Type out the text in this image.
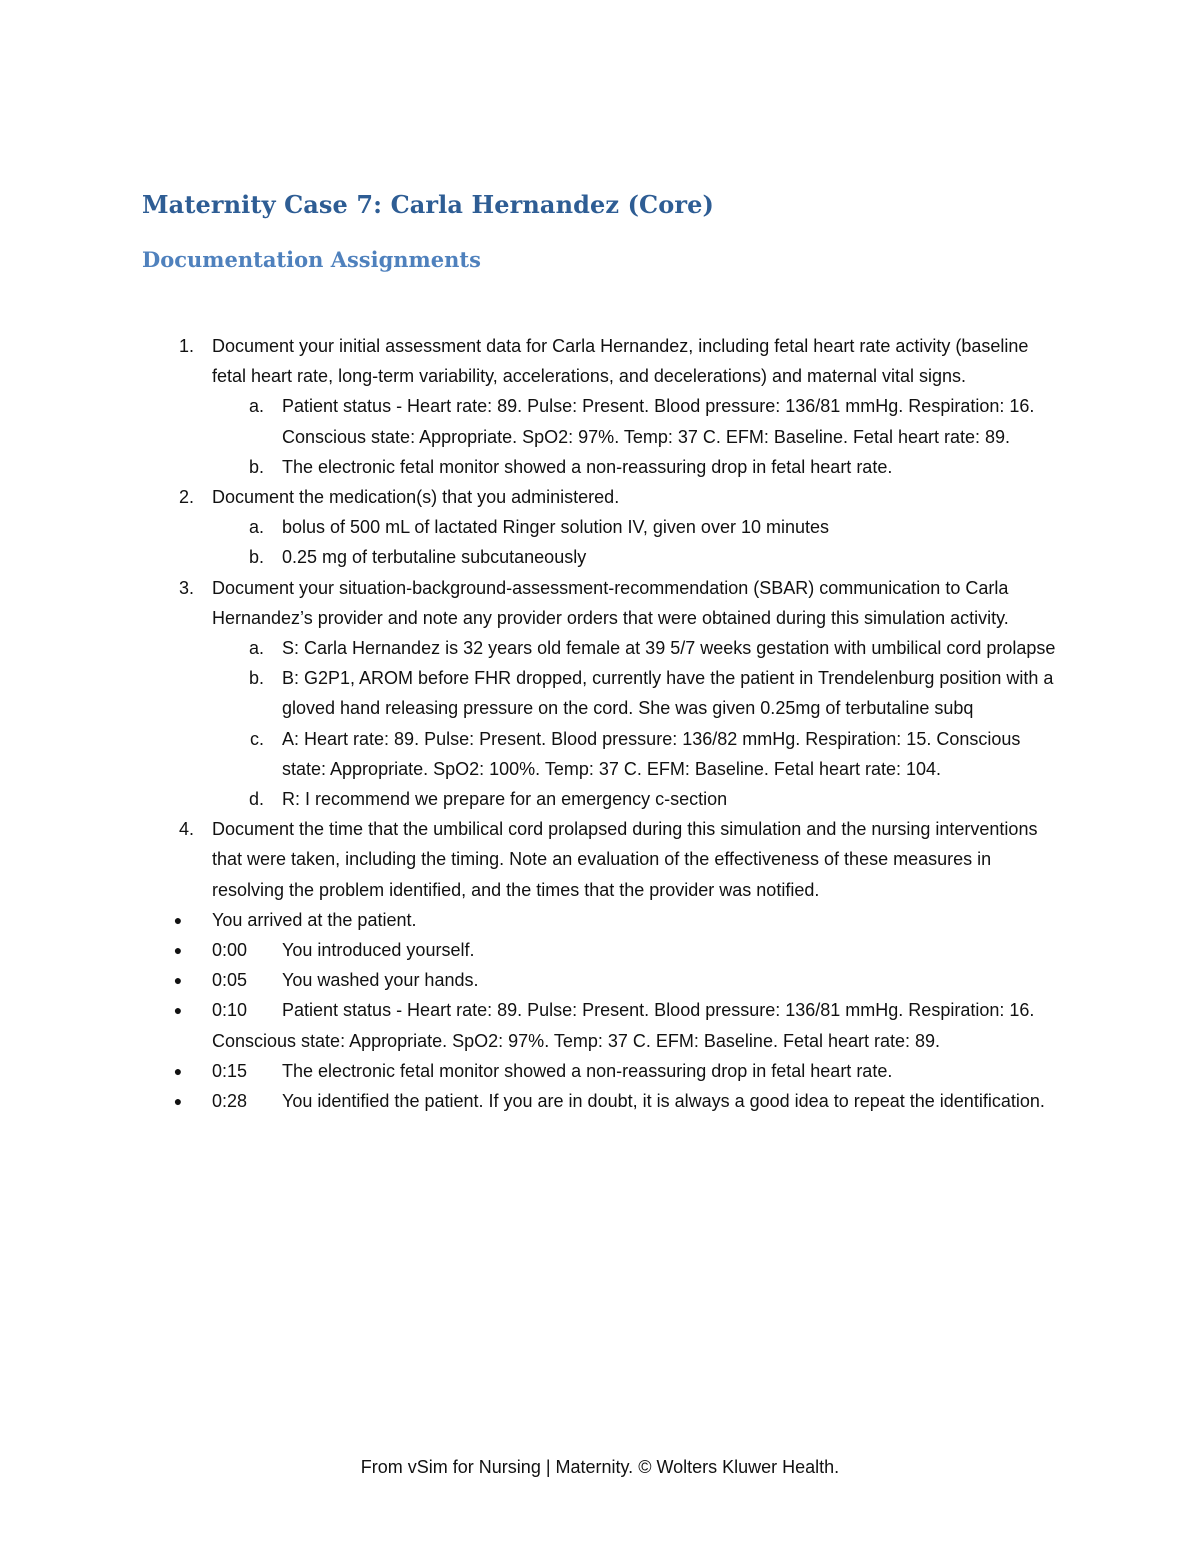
Maternity Case 7: Carla Hernandez (Core)
Documentation Assignments
1. Document your initial assessment data for Carla Hernandez, including fetal heart rate activity (baseline fetal heart rate, long-term variability, accelerations, and decelerations) and maternal vital signs.
a. Patient status - Heart rate: 89. Pulse: Present. Blood pressure: 136/81 mmHg. Respiration: 16. Conscious state: Appropriate. SpO2: 97%. Temp: 37 C. EFM: Baseline. Fetal heart rate: 89.
b. The electronic fetal monitor showed a non-reassuring drop in fetal heart rate.
2. Document the medication(s) that you administered.
a. bolus of 500 mL of lactated Ringer solution IV, given over 10 minutes
b. 0.25 mg of terbutaline subcutaneously
3. Document your situation-background-assessment-recommendation (SBAR) communication to Carla Hernandez’s provider and note any provider orders that were obtained during this simulation activity.
a. S: Carla Hernandez is 32 years old female at 39 5/7 weeks gestation with umbilical cord prolapse
b. B: G2P1, AROM before FHR dropped, currently have the patient in Trendelenburg position with a gloved hand releasing pressure on the cord. She was given 0.25mg of terbutaline subq
c. A: Heart rate: 89. Pulse: Present. Blood pressure: 136/82 mmHg. Respiration: 15. Conscious state: Appropriate. SpO2: 100%. Temp: 37 C. EFM: Baseline. Fetal heart rate: 104.
d. R: I recommend we prepare for an emergency c-section
4. Document the time that the umbilical cord prolapsed during this simulation and the nursing interventions that were taken, including the timing. Note an evaluation of the effectiveness of these measures in resolving the problem identified, and the times that the provider was notified.
●	You arrived at the patient.
●	0:00 You introduced yourself.
●	0:05 You washed your hands.
●	0:10 Patient status - Heart rate: 89. Pulse: Present. Blood pressure: 136/81 mmHg. Respiration: 16. Conscious state: Appropriate. SpO2: 97%. Temp: 37 C. EFM: Baseline. Fetal heart rate: 89.
●	0:15 The electronic fetal monitor showed a non-reassuring drop in fetal heart rate.
●	0:28 You identified the patient. If you are in doubt, it is always a good idea to repeat the identification.
From vSim for Nursing | Maternity. © Wolters Kluwer Health.
